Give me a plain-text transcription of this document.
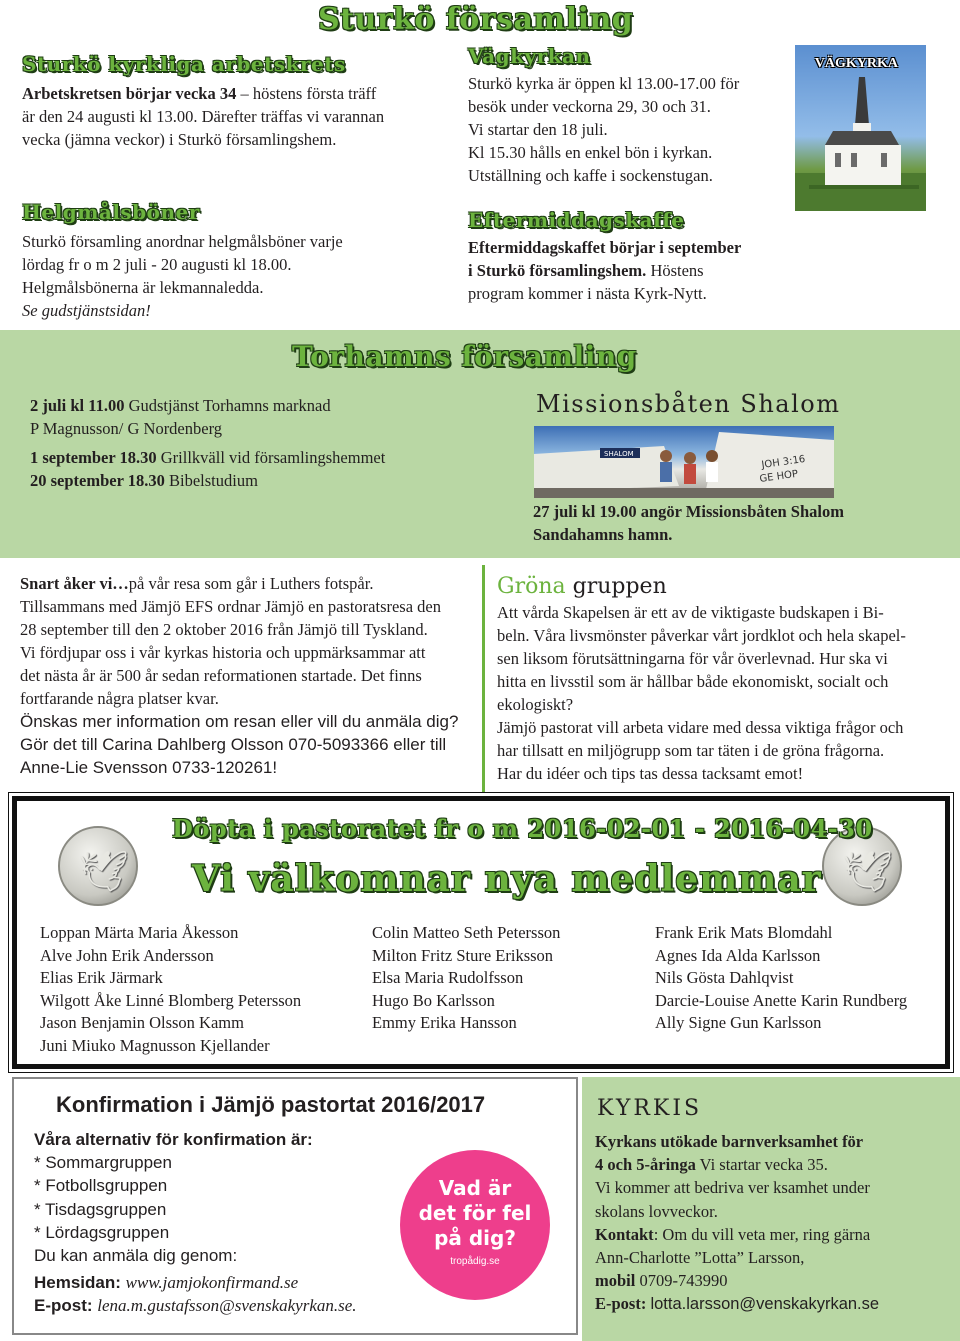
Sturkö församling
Sturkö kyrkliga arbetskrets
Arbetskretsen börjar vecka 34 – höstens första träff
är den 24 augusti kl 13.00. Därefter träffas vi varannan
vecka (jämna veckor) i Sturkö församlingshem.
Helgmålsböner
Sturkö församling anordnar helgmålsböner varje
lördag fr o m 2 juli - 20 augusti kl 18.00.
Helgmålsbönerna är lekmannaledda.
Se gudstjänstsidan!
Vägkyrkan
Sturkö kyrka är öppen kl 13.00-17.00 för
besök under veckorna 29, 30 och 31.
Vi startar den 18 juli.
Kl 15.30 hålls en enkel bön i kyrkan.
Utställning och kaffe i sockenstugan.
Eftermiddagskaffe
Eftermiddagskaffet börjar i september
i Sturkö församlingshem. Höstens
program kommer i nästa Kyrk-Nytt.
VÄGKYRKA
Torhamns församling
2 juli kl 11.00 Gudstjänst Torhamns marknad
P Magnusson/ G Nordenberg
1 september 18.30 Grillkväll vid församlingshemmet
20 september 18.30 Bibelstudium
Missionsbåten Shalom
SHALOM	JOH 3:16
GE HOP
27 juli kl 19.00 angör Missionsbåten Shalom
Sandahamns hamn.
Snart åker vi…på vår resa som går i Luthers fotspår.
Tillsammans med Jämjö EFS ordnar Jämjö en pastoratsresa den
28 september till den 2 oktober 2016 från Jämjö till Tyskland.
Vi fördjupar oss i vår kyrkas historia och uppmärksammar att
det nästa år är 500 år sedan reformationen startade. Det finns
fortfarande några platser kvar.
Önskas mer information om resan eller vill du anmäla dig?
Gör det till Carina Dahlberg Olsson 070-5093366 eller till
Anne-Lie Svensson 0733-120261!
Gröna gruppen
Att vårda Skapelsen är ett av de viktigaste budskapen i Bi-
beln. Våra livsmönster påverkar vårt jordklot och hela skapel-
sen liksom förutsättningarna för vår överlevnad. Hur ska vi
hitta en livsstil som är hållbar både ekonomiskt, socialt och
ekologiskt?
Jämjö pastorat vill arbeta vidare med dessa viktiga frågor och
har tillsatt en miljögrupp som tar täten i de gröna frågorna.
Har du idéer och tips tas dessa tacksamt emot!
🕊	🕊
Döpta i pastoratet fr o m 2016-02-01 - 2016-04-30
Vi välkomnar nya medlemmar
Loppan Märta Maria Åkesson
Alve John Erik Andersson
Elias Erik Järmark
Wilgott Åke Linné Blomberg Petersson
Jason Benjamin Olsson Kamm
Juni Miuko Magnusson Kjellander
Colin Matteo Seth Petersson
Milton Fritz Sture Eriksson
Elsa Maria Rudolfsson
Hugo Bo Karlsson
Emmy Erika Hansson
Frank Erik Mats Blomdahl
Agnes Ida Alda Karlsson
Nils Gösta Dahlqvist
Darcie-Louise Anette Karin Rundberg
Ally Signe Gun Karlsson
Konfirmation i Jämjö pastortat 2016/2017
Våra alternativ för konfirmation är:
* Sommargruppen
* Fotbollsgruppen
* Tisdagsgruppen
* Lördagsgruppen
Du kan anmäla dig genom:
Hemsidan: www.jamjokonfirmand.se
E-post: lena.m.gustafsson@svenskakyrkan.se.
Vad är
det för fel
på dig?
tropådig.se
KYRKIS
Kyrkans utökade barnverksamhet för
4 och 5-åringa Vi startar vecka 35.
Vi kommer att bedriva ver ksamhet under
skolans lovveckor.
Kontakt: Om du vill veta mer, ring gärna
Ann-Charlotte ”Lotta” Larsson,
mobil 0709-743990
E-post: lotta.larsson@venskakyrkan.se
